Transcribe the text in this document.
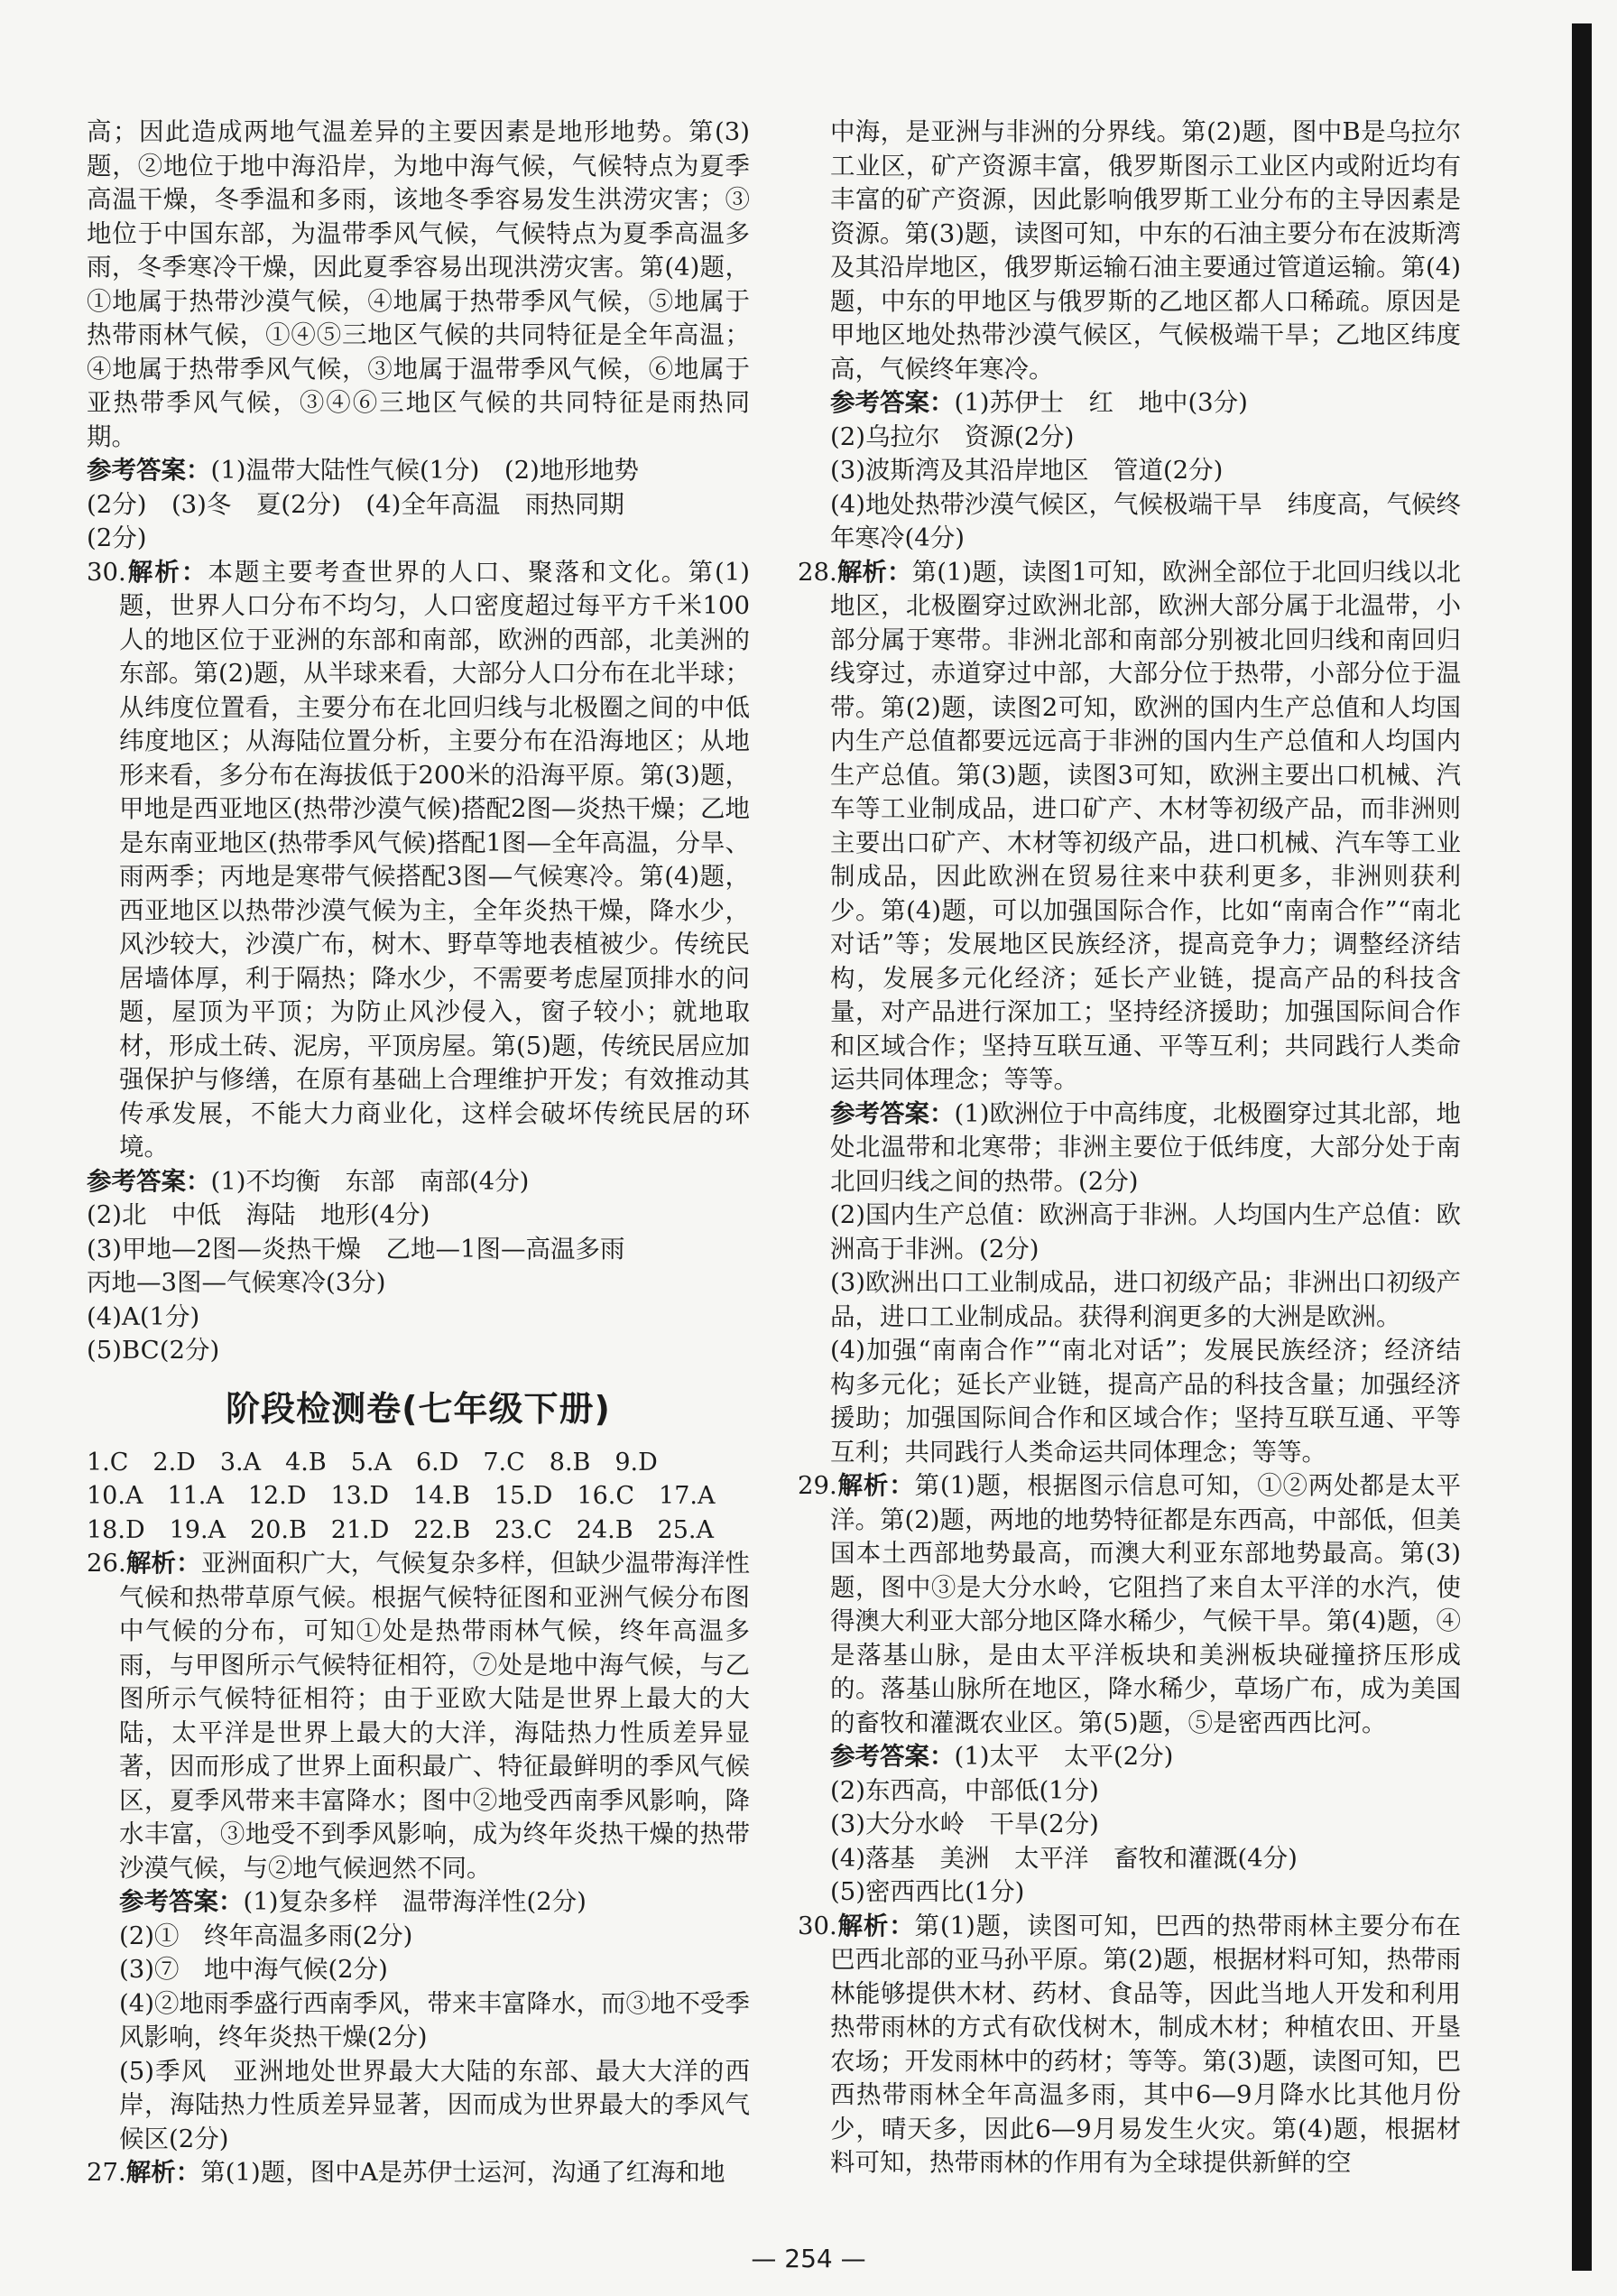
高；因此造成两地气温差异的主要因素是地形地势。第(3)题，②地位于地中海沿岸，为地中海气候，气候特点为夏季高温干燥，冬季温和多雨，该地冬季容易发生洪涝灾害；③地位于中国东部，为温带季风气候，气候特点为夏季高温多雨，冬季寒冷干燥，因此夏季容易出现洪涝灾害。第(4)题，①地属于热带沙漠气候，④地属于热带季风气候，⑤地属于热带雨林气候，①④⑤三地区气候的共同特征是全年高温；④地属于热带季风气候，③地属于温带季风气候，⑥地属于亚热带季风气候，③④⑥三地区气候的共同特征是雨热同期。

参考答案：(1)温带大陆性气候(1分)　(2)地形地势

(2分)　(3)冬　夏(2分)　(4)全年高温　雨热同期

(2分)

30.解析：本题主要考查世界的人口、聚落和文化。第(1)题，世界人口分布不均匀，人口密度超过每平方千米100人的地区位于亚洲的东部和南部，欧洲的西部，北美洲的东部。第(2)题，从半球来看，大部分人口分布在北半球；从纬度位置看，主要分布在北回归线与北极圈之间的中低纬度地区；从海陆位置分析，主要分布在沿海地区；从地形来看，多分布在海拔低于200米的沿海平原。第(3)题，甲地是西亚地区(热带沙漠气候)搭配2图—炎热干燥；乙地是东南亚地区(热带季风气候)搭配1图—全年高温，分旱、雨两季；丙地是寒带气候搭配3图—气候寒冷。第(4)题，西亚地区以热带沙漠气候为主，全年炎热干燥，降水少，风沙较大，沙漠广布，树木、野草等地表植被少。传统民居墙体厚，利于隔热；降水少，不需要考虑屋顶排水的问题，屋顶为平顶；为防止风沙侵入，窗子较小；就地取材，形成土砖、泥房，平顶房屋。第(5)题，传统民居应加强保护与修缮，在原有基础上合理维护开发；有效推动其传承发展，不能大力商业化，这样会破坏传统民居的环境。

参考答案：(1)不均衡　东部　南部(4分)

(2)北　中低　海陆　地形(4分)

(3)甲地—2图—炎热干燥　乙地—1图—高温多雨

丙地—3图—气候寒冷(3分)

(4)A(1分)

(5)BC(2分)

阶段检测卷(七年级下册)

1.C　2.D　3.A　4.B　5.A　6.D　7.C　8.B　9.D

10.A　11.A　12.D　13.D　14.B　15.D　16.C　17.A

18.D　19.A　20.B　21.D　22.B　23.C　24.B　25.A

26.解析：亚洲面积广大，气候复杂多样，但缺少温带海洋性气候和热带草原气候。根据气候特征图和亚洲气候分布图中气候的分布，可知①处是热带雨林气候，终年高温多雨，与甲图所示气候特征相符，⑦处是地中海气候，与乙图所示气候特征相符；由于亚欧大陆是世界上最大的大陆，太平洋是世界上最大的大洋，海陆热力性质差异显著，因而形成了世界上面积最广、特征最鲜明的季风气候区，夏季风带来丰富降水；图中②地受西南季风影响，降水丰富，③地受不到季风影响，成为终年炎热干燥的热带沙漠气候，与②地气候迥然不同。

参考答案：(1)复杂多样　温带海洋性(2分)

(2)①　终年高温多雨(2分)

(3)⑦　地中海气候(2分)

(4)②地雨季盛行西南季风，带来丰富降水，而③地不受季风影响，终年炎热干燥(2分)

(5)季风　亚洲地处世界最大大陆的东部、最大大洋的西岸，海陆热力性质差异显著，因而成为世界最大的季风气候区(2分)

27.解析：第(1)题，图中A是苏伊士运河，沟通了红海和地

中海，是亚洲与非洲的分界线。第(2)题，图中B是乌拉尔工业区，矿产资源丰富，俄罗斯图示工业区内或附近均有丰富的矿产资源，因此影响俄罗斯工业分布的主导因素是资源。第(3)题，读图可知，中东的石油主要分布在波斯湾及其沿岸地区，俄罗斯运输石油主要通过管道运输。第(4)题，中东的甲地区与俄罗斯的乙地区都人口稀疏。原因是甲地区地处热带沙漠气候区，气候极端干旱；乙地区纬度高，气候终年寒冷。

参考答案：(1)苏伊士　红　地中(3分)

(2)乌拉尔　资源(2分)

(3)波斯湾及其沿岸地区　管道(2分)

(4)地处热带沙漠气候区，气候极端干旱　纬度高，气候终年寒冷(4分)

28.解析：第(1)题，读图1可知，欧洲全部位于北回归线以北地区，北极圈穿过欧洲北部，欧洲大部分属于北温带，小部分属于寒带。非洲北部和南部分别被北回归线和南回归线穿过，赤道穿过中部，大部分位于热带，小部分位于温带。第(2)题，读图2可知，欧洲的国内生产总值和人均国内生产总值都要远远高于非洲的国内生产总值和人均国内生产总值。第(3)题，读图3可知，欧洲主要出口机械、汽车等工业制成品，进口矿产、木材等初级产品，而非洲则主要出口矿产、木材等初级产品，进口机械、汽车等工业制成品，因此欧洲在贸易往来中获利更多，非洲则获利少。第(4)题，可以加强国际合作，比如“南南合作”“南北对话”等；发展地区民族经济，提高竞争力；调整经济结构，发展多元化经济；延长产业链，提高产品的科技含量，对产品进行深加工；坚持经济援助；加强国际间合作和区域合作；坚持互联互通、平等互利；共同践行人类命运共同体理念；等等。

参考答案：(1)欧洲位于中高纬度，北极圈穿过其北部，地处北温带和北寒带；非洲主要位于低纬度，大部分处于南北回归线之间的热带。(2分)

(2)国内生产总值：欧洲高于非洲。人均国内生产总值：欧洲高于非洲。(2分)

(3)欧洲出口工业制成品，进口初级产品；非洲出口初级产品，进口工业制成品。获得利润更多的大洲是欧洲。

(4)加强“南南合作”“南北对话”；发展民族经济；经济结构多元化；延长产业链，提高产品的科技含量；加强经济援助；加强国际间合作和区域合作；坚持互联互通、平等互利；共同践行人类命运共同体理念；等等。

29.解析：第(1)题，根据图示信息可知，①②两处都是太平洋。第(2)题，两地的地势特征都是东西高，中部低，但美国本土西部地势最高，而澳大利亚东部地势最高。第(3)题，图中③是大分水岭，它阻挡了来自太平洋的水汽，使得澳大利亚大部分地区降水稀少，气候干旱。第(4)题，④是落基山脉，是由太平洋板块和美洲板块碰撞挤压形成的。落基山脉所在地区，降水稀少，草场广布，成为美国的畜牧和灌溉农业区。第(5)题，⑤是密西西比河。

参考答案：(1)太平　太平(2分)

(2)东西高，中部低(1分)

(3)大分水岭　干旱(2分)

(4)落基　美洲　太平洋　畜牧和灌溉(4分)

(5)密西西比(1分)

30.解析：第(1)题，读图可知，巴西的热带雨林主要分布在巴西北部的亚马孙平原。第(2)题，根据材料可知，热带雨林能够提供木材、药材、食品等，因此当地人开发和利用热带雨林的方式有砍伐树木，制成木材；种植农田、开垦农场；开发雨林中的药材；等等。第(3)题，读图可知，巴西热带雨林全年高温多雨，其中6—9月降水比其他月份少，晴天多，因此6—9月易发生火灾。第(4)题，根据材料可知，热带雨林的作用有为全球提供新鲜的空

— 254 —
